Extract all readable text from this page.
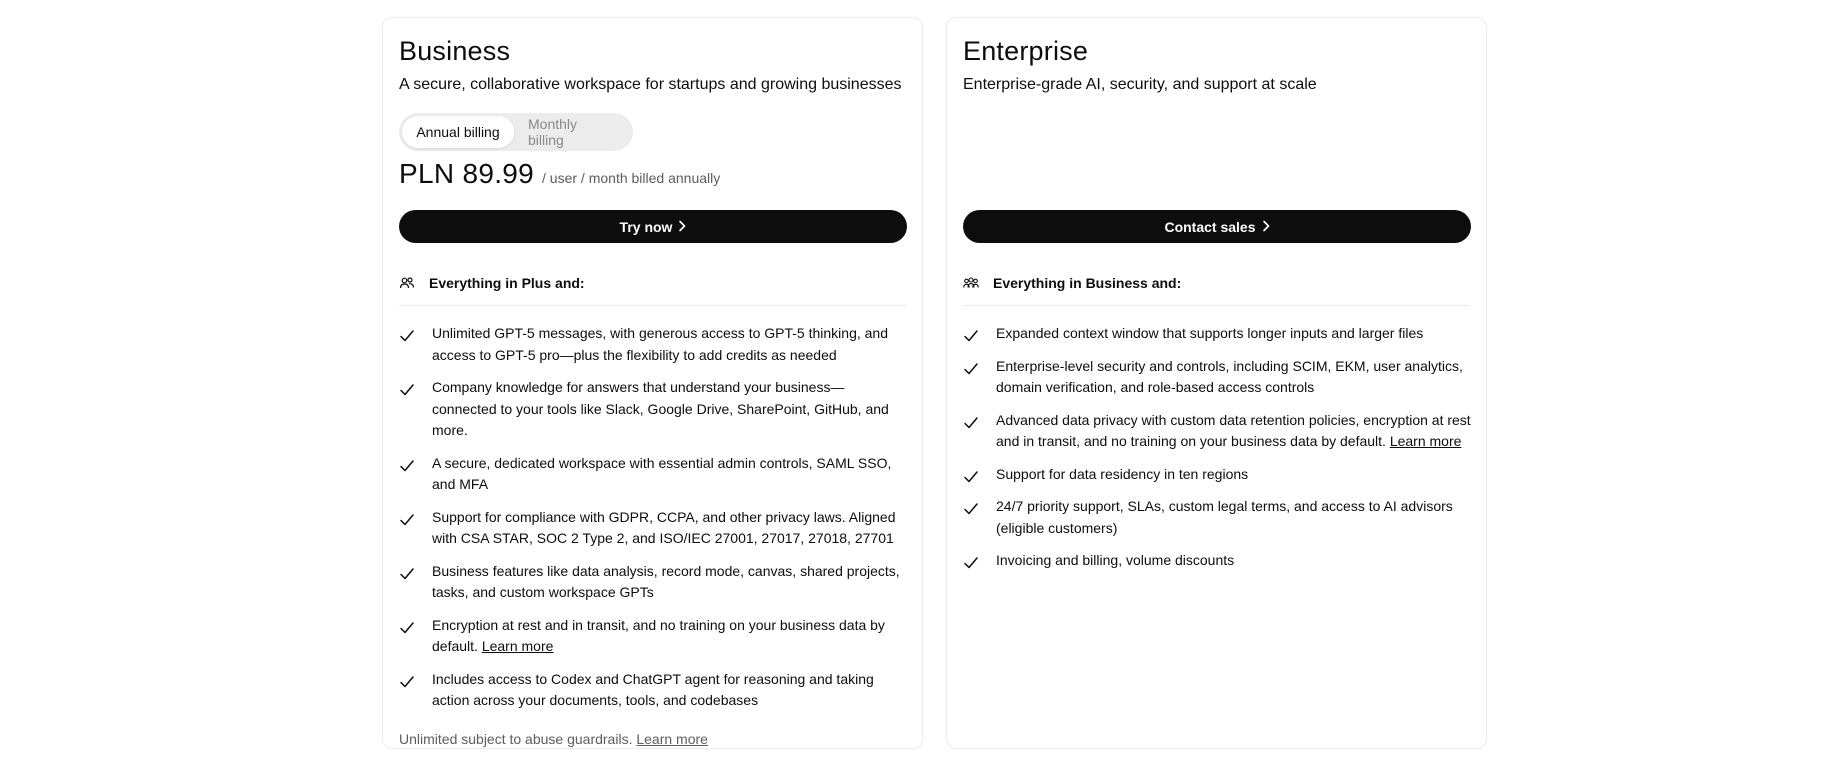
Business

A secure, collaborative workspace for startups and growing businesses

Annual billing	Monthly billing
PLN 89.99 / user / month billed annually
Try now
Everything in Plus and:
Unlimited GPT-5 messages, with generous access to GPT-5 thinking, and access to GPT-5 pro—plus the flexibility to add credits as needed
Company knowledge for answers that understand your business—connected to your tools like Slack, Google Drive, SharePoint, GitHub, and more.
A secure, dedicated workspace with essential admin controls, SAML SSO, and MFA
Support for compliance with GDPR, CCPA, and other privacy laws. Aligned with CSA STAR, SOC 2 Type 2, and ISO/IEC 27001, 27017, 27018, 27701
Business features like data analysis, record mode, canvas, shared projects, tasks, and custom workspace GPTs
Encryption at rest and in transit, and no training on your business data by default. Learn more
Includes access to Codex and ChatGPT agent for reasoning and taking action across your documents, tools, and codebases

Unlimited subject to abuse guardrails. Learn more

Enterprise

Enterprise-grade AI, security, and support at scale

Contact sales
Everything in Business and:
Expanded context window that supports longer inputs and larger files
Enterprise-level security and controls, including SCIM, EKM, user analytics, domain verification, and role-based access controls
Advanced data privacy with custom data retention policies, encryption at rest and in transit, and no training on your business data by default. Learn more
Support for data residency in ten regions
24/7 priority support, SLAs, custom legal terms, and access to AI advisors (eligible customers)
Invoicing and billing, volume discounts
